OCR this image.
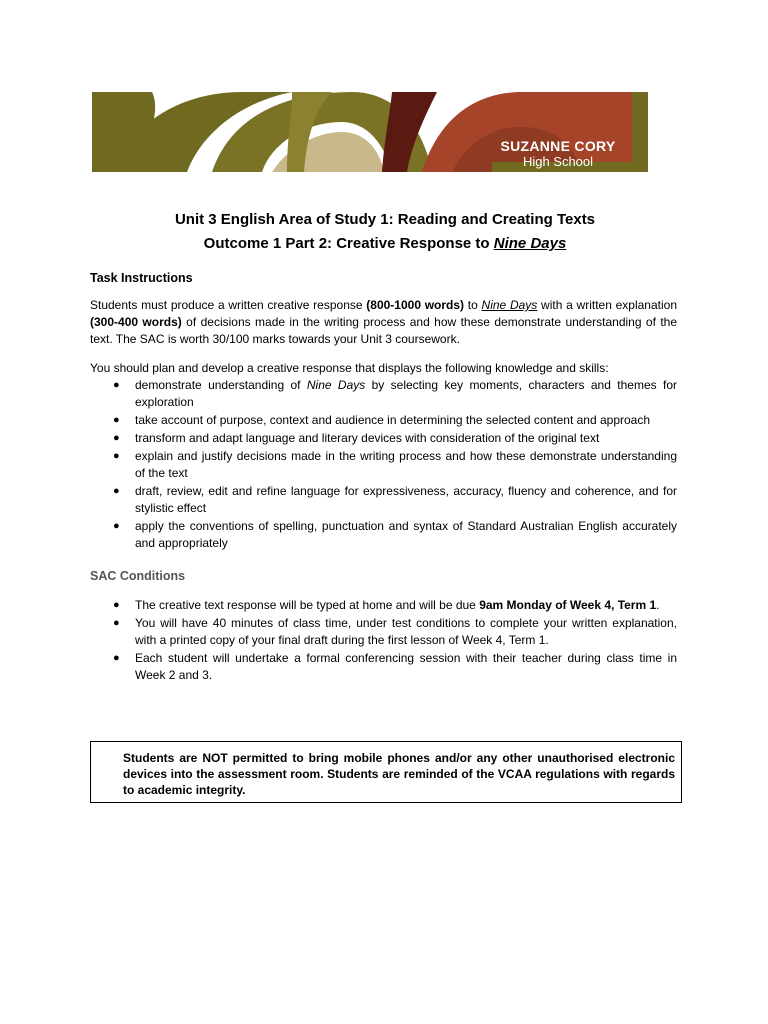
SUZANNE CORY
High School
Unit 3 English Area of Study 1: Reading and Creating Texts
Outcome 1 Part 2: Creative Response to Nine Days
Task Instructions

Students must produce a written creative response (800-1000 words) to Nine Days with a written explanation (300-400 words) of decisions made in the writing process and how these demonstrate understanding of the text. The SAC is worth 30/100 marks towards your Unit 3 coursework.

You should plan and develop a creative response that displays the following knowledge and skills:

● demonstrate understanding of Nine Days by selecting key moments, characters and themes for exploration
● take account of purpose, context and audience in determining the selected content and approach
● transform and adapt language and literary devices with consideration of the original text
● explain and justify decisions made in the writing process and how these demonstrate understanding of the text
● draft, review, edit and refine language for expressiveness, accuracy, fluency and coherence, and for stylistic effect
● apply the conventions of spelling, punctuation and syntax of Standard Australian English accurately and appropriately
SAC Conditions
● The creative text response will be typed at home and will be due 9am Monday of Week 4, Term 1.
● You will have 40 minutes of class time, under test conditions to complete your written explanation, with a printed copy of your final draft during the first lesson of Week 4, Term 1.
● Each student will undertake a formal conferencing session with their teacher during class time in Week 2 and 3.
Students are NOT permitted to bring mobile phones and/or any other unauthorised electronic devices into the assessment room. Students are reminded of the VCAA regulations with regards to academic integrity.
